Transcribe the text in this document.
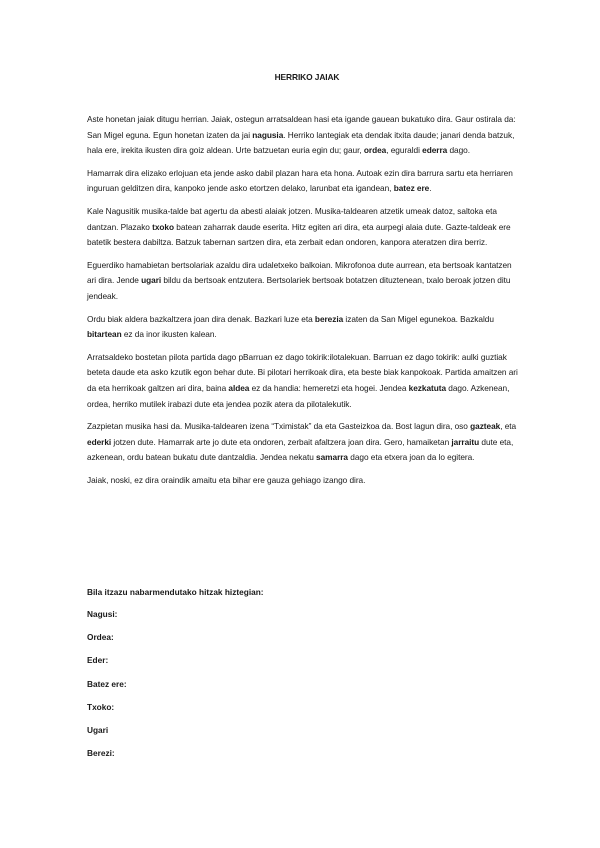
HERRIKO JAIAK

Aste honetan jaiak ditugu herrian. Jaiak, ostegun arratsaldean hasi eta igande gauean bukatuko dira. Gaur ostirala da: San Migel eguna. Egun honetan izaten da jai nagusia. Herriko lantegiak eta dendak itxita daude; janari denda batzuk, hala ere, irekita ikusten dira goiz aldean. Urte batzuetan euria egin du; gaur, ordea, eguraldi ederra dago.

Hamarrak dira elizako erlojuan eta jende asko dabil plazan hara eta hona. Autoak ezin dira barrura sartu eta herriaren inguruan gelditzen dira, kanpoko jende asko etortzen delako, larunbat eta igandean, batez ere.

Kale Nagusitik musika-talde bat agertu da abesti alaiak jotzen. Musika-taldearen atzetik umeak datoz, saltoka eta dantzan. Plazako txoko batean zaharrak daude eserita. Hitz egiten ari dira, eta aurpegi alaia dute. Gazte-taldeak ere batetik bestera dabiltza. Batzuk tabernan sartzen dira, eta zerbait edan ondoren, kanpora ateratzen dira berriz.

Eguerdiko hamabietan bertsolariak azaldu dira udaletxeko balkoian. Mikrofonoa dute aurrean, eta bertsoak kantatzen ari dira. Jende ugari bildu da bertsoak entzutera. Bertsolariek bertsoak botatzen dituztenean, txalo beroak jotzen ditu jendeak.

Ordu biak aldera bazkaltzera joan dira denak. Bazkari luze eta berezia izaten da San Migel egunekoa. Bazkaldu bitartean ez da inor ikusten kalean.

Arratsaldeko bostetan pilota partida dago pBarruan ez dago tokirik:ilotalekuan. Barruan ez dago tokirik: aulki guztiak beteta daude eta asko kzutik egon behar dute. Bi pilotari herrikoak dira, eta beste biak kanpokoak. Partida amaitzen ari da eta herrikoak galtzen ari dira, baina aldea ez da handia: hemeretzi eta hogei. Jendea kezkatuta dago. Azkenean, ordea, herriko mutilek irabazi dute eta jendea pozik atera da pilotalekutik.

Zazpietan musika hasi da. Musika-taldearen izena “Tximistak” da eta Gasteizkoa da. Bost lagun dira, oso gazteak, eta ederki jotzen dute. Hamarrak arte jo dute eta ondoren, zerbait afaltzera joan dira. Gero, hamaiketan jarraitu dute eta, azkenean, ordu batean bukatu dute dantzaldia. Jendea nekatu samarra dago eta etxera joan da lo egitera.

Jaiak, noski, ez dira oraindik amaitu eta bihar ere gauza gehiago izango dira.

Bila itzazu nabarmendutako hitzak hiztegian:
Nagusi:
Ordea:
Eder:
Batez ere:
Txoko:
Ugari
Berezi:
